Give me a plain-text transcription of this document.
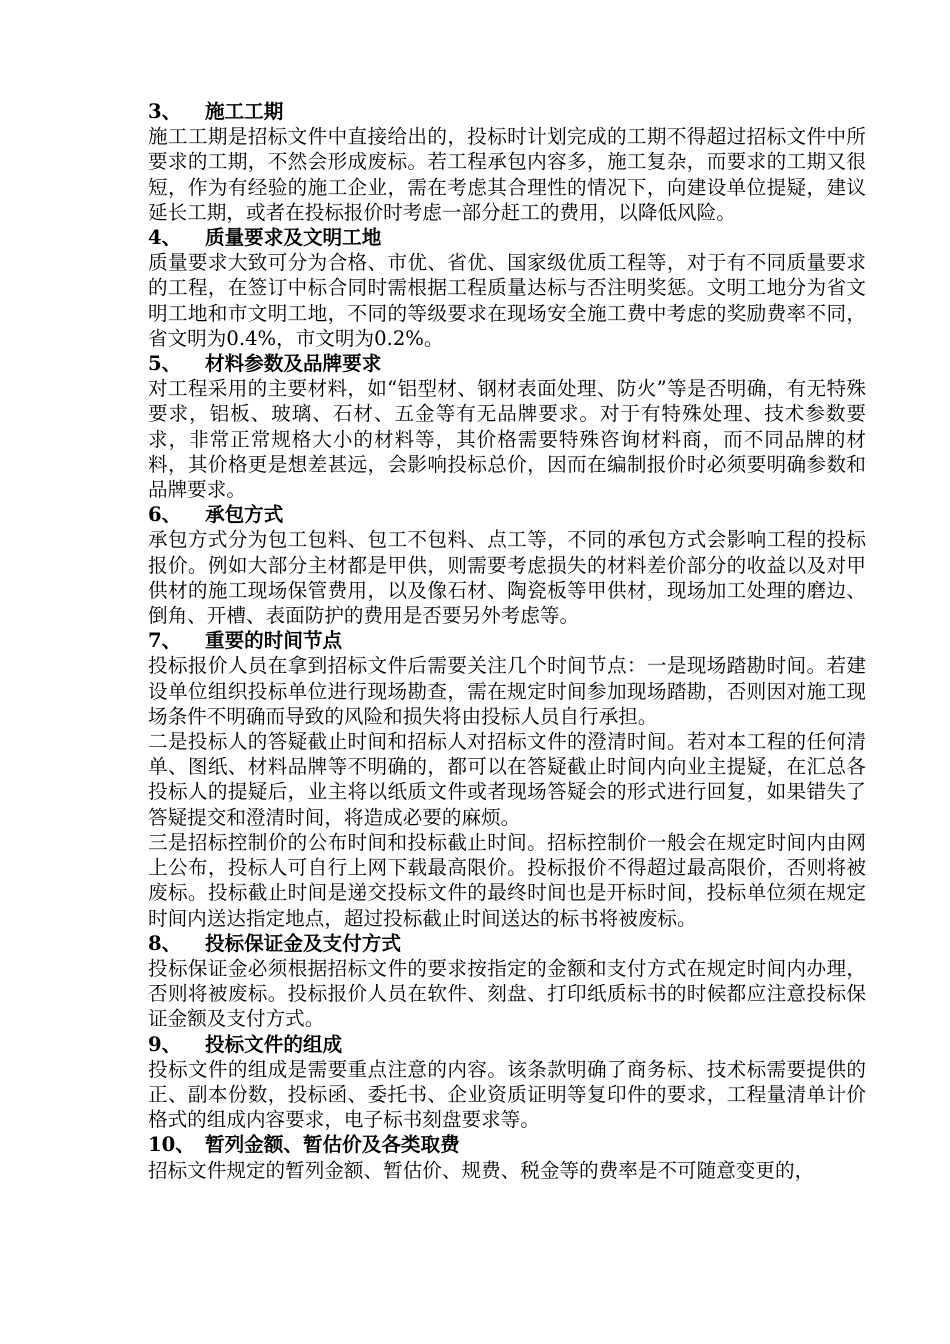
3、 施工工期

施工工期是招标文件中直接给出的，投标时计划完成的工期不得超过招标文件中所要求的工期，不然会形成废标。若工程承包内容多，施工复杂，而要求的工期又很短，作为有经验的施工企业，需在考虑其合理性的情况下，向建设单位提疑，建议延长工期，或者在投标报价时考虑一部分赶工的费用，以降低风险。

4、 质量要求及文明工地

质量要求大致可分为合格、市优、省优、国家级优质工程等，对于有不同质量要求的工程，在签订中标合同时需根据工程质量达标与否注明奖惩。文明工地分为省文明工地和市文明工地，不同的等级要求在现场安全施工费中考虑的奖励费率不同，省文明为0.4%，市文明为0.2%。

5、 材料参数及品牌要求

对工程采用的主要材料，如“铝型材、钢材表面处理、防火”等是否明确，有无特殊要求，铝板、玻璃、石材、五金等有无品牌要求。对于有特殊处理、技术参数要求，非常正常规格大小的材料等，其价格需要特殊咨询材料商，而不同品牌的材料，其价格更是想差甚远，会影响投标总价，因而在编制报价时必须要明确参数和品牌要求。

6、 承包方式

承包方式分为包工包料、包工不包料、点工等，不同的承包方式会影响工程的投标报价。例如大部分主材都是甲供，则需要考虑损失的材料差价部分的收益以及对甲供材的施工现场保管费用，以及像石材、陶瓷板等甲供材，现场加工处理的磨边、倒角、开槽、表面防护的费用是否要另外考虑等。

7、 重要的时间节点

投标报价人员在拿到招标文件后需要关注几个时间节点：一是现场踏勘时间。若建设单位组织投标单位进行现场勘查，需在规定时间参加现场踏勘，否则因对施工现场条件不明确而导致的风险和损失将由投标人员自行承担。

二是投标人的答疑截止时间和招标人对招标文件的澄清时间。若对本工程的任何清单、图纸、材料品牌等不明确的，都可以在答疑截止时间内向业主提疑，在汇总各投标人的提疑后，业主将以纸质文件或者现场答疑会的形式进行回复，如果错失了答疑提交和澄清时间，将造成必要的麻烦。

三是招标控制价的公布时间和投标截止时间。招标控制价一般会在规定时间内由网上公布，投标人可自行上网下载最高限价。投标报价不得超过最高限价，否则将被废标。投标截止时间是递交投标文件的最终时间也是开标时间，投标单位须在规定时间内送达指定地点，超过投标截止时间送达的标书将被废标。

8、 投标保证金及支付方式

投标保证金必须根据招标文件的要求按指定的金额和支付方式在规定时间内办理，否则将被废标。投标报价人员在软件、刻盘、打印纸质标书的时候都应注意投标保证金额及支付方式。

9、 投标文件的组成

投标文件的组成是需要重点注意的内容。该条款明确了商务标、技术标需要提供的正、副本份数，投标函、委托书、企业资质证明等复印件的要求，工程量清单计价格式的组成内容要求，电子标书刻盘要求等。

10、 暂列金额、暂估价及各类取费

招标文件规定的暂列金额、暂估价、规费、税金等的费率是不可随意变更的，
